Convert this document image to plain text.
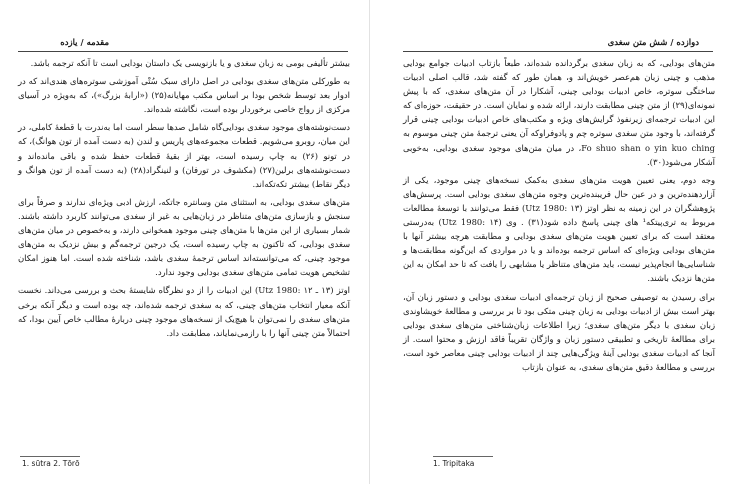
مقدمه / یازده

بیشتر تألیفی بومی به زبان سغدی و یا بازنویسی یک داستان بودایی است تا آنکه ترجمه باشد.

به طورکلی متن‌های سغدی بودایی در اصل دارای سبک سُتْی آموزشی سوتره‌های هندی‌اند که در ادوار بعد توسط شخص بودا بر اساس مکتب مهایانه(۲۵) («ارابهٔ بزرگ»)، که به‌ویژه در آسیای مرکزی از رواج خاصی برخوردار بوده است، نگاشته شده‌اند.

دست‌نوشته‌های موجود سغدی بودایی‌گاه شامل صدها سطر است اما به‌ندرت با قطعهٔ کاملی، در این میان، روبرو می‌شویم. قطعات مجموعه‌های پاریس و لندن (به دست آمده از تون هوانگ)، که در تونو (۲۶) به چاپ رسیده است، بهتر از بقیهٔ قطعات حفظ شده و باقی مانده‌اند و دست‌نوشته‌های برلین(۲۷) (مکشوف در تورفان) و لنینگراد(۲۸) (به دست آمده از تون هوانگ و دیگر نقاط) بیشتر تکه‌تکه‌اند.

متن‌های سغدی بودایی، به استثنای متن وسانتره جاتکه، ارزش ادبی ویژه‌ای ندارند و صرفاً برای سنجش و بازسازی متن‌های متناظر در زبان‌هایی به غیر از سغدی می‌توانند کاربرد داشته باشند. شمار بسیاری از این متن‌ها با متن‌های چینی موجود همخوانی دارند، و به‌خصوص در میان متن‌های سغدی بودایی، که تاکنون به چاپ رسیده است، یک درجین ترجمه‌گم و بیش نزدیک به متن‌های موجود چینی، که می‌توانسته‌اند اساس ترجمهٔ سغدی باشد، شناخته شده است. اما هنوز امکان تشخیص هویت تمامی متن‌های سغدی بودایی وجود ندارد.

اوتز (۱۳ ـ ۱۲ :Utz 1980) این ادبیات را از دو نظرگاه شایستهٔ بحث و بررسی می‌داند. نخست آنکه معیار انتخاب متن‌های چینی، که به سغدی ترجمه شده‌اند، چه بوده است و دیگر آنکه برخی متن‌های سغدی را نمی‌توان با هیچ‌یک از نسخه‌های موجود چینی دربارهٔ مطالب خاص آیین بودا، که احتمالاً متن چینی آنها را با رازمی‌نمایاند، مطابقت داد.

1. sūtra 2. Tōrō
دوازده / شش متن سغدی

متن‌های بودایی، که به زبان سغدی برگردانده شده‌اند، طبعاً بازتاب ادبیات جوامع بودایی مذهب و چینی زبان هم‌عصر خویش‌اند و، همان طور که گفته شد، قالب اصلی ادبیات ساختگی سوتره، خاص ادبیات بودایی چینی، آشکارا در آن متن‌های سغدی، که با پیش نمونه‌ای(۲۹) از متن چینی مطابقت دارند، ارائه شده و نمایان است. در حقیقت، حوزه‌ای که این ادبیات ترجمه‌ای زیرنفوذ گرایش‌های ویژه و مکتب‌های خاص ادبیات بودایی چینی قرار گرفته‌اند، با وجود متن سغدی سوتره چم و پادوفراوکه آن یعنی ترجمهٔ متن چینی موسوم به Fo shuo shan o yin kuo ching، در میان متن‌های موجود سغدی بودایی، به‌خوبی آشکار می‌شود(۳۰).

وجه دوم، یعنی تعیین هویت متن‌های سغدی به‌کمک نسخه‌های چینی موجود، یکی از آزاردهنده‌ترین و در عین حال فریبنده‌ترین وجوه متن‌های سغدی بودایی است. پرسش‌های پژوهشگران در این زمینه به نظر اوتز (۱۳ :Utz 1980) فقط می‌توانند با توسعهٔ مطالعات مربوط به تری‌پیتکه¹ های چینی پاسخ داده شود(۳۱) . وی (۱۴ :Utz 1980) به‌درستی معتقد است که برای تعیین هویت متن‌های سغدی بودایی و مطابقت هرچه بیشتر آنها با متن‌های بودایی ویژه‌ای که اساس ترجمه بوده‌اند و یا در مواردی که این‌گونه مطابقت‌ها و شناسایی‌ها انجام‌پذیر نیست، باید متن‌های متناظر یا مشابهی را یافت که تا حد امکان به این متن‌ها نزدیک باشند.

برای رسیدن به توصیفی صحیح از زبان ترجمه‌ای ادبیات سغدی بودایی و دستور زبان آن، بهتر است بیش از ادبیات بودایی به زبان چینی متکی بود تا بر بررسی و مطالعهٔ خویشاوندی زبان سغدی با دیگر متن‌های سغدی؛ زیرا اطلاعات زبان‌شناختی متن‌های سغدی بودایی برای مطالعهٔ تاریخی و تطبیقی دستور زبان و واژگان تقریباً فاقد ارزش و محتوا است. از آنجا که ادبیات سغدی بودایی آینهٔ ویژگی‌هایی چند از ادبیات بودایی چینی معاصر خود است، بررسی و مطالعهٔ دقیق متن‌های سغدی، به عنوان بازتاب

1. Tripitaka
